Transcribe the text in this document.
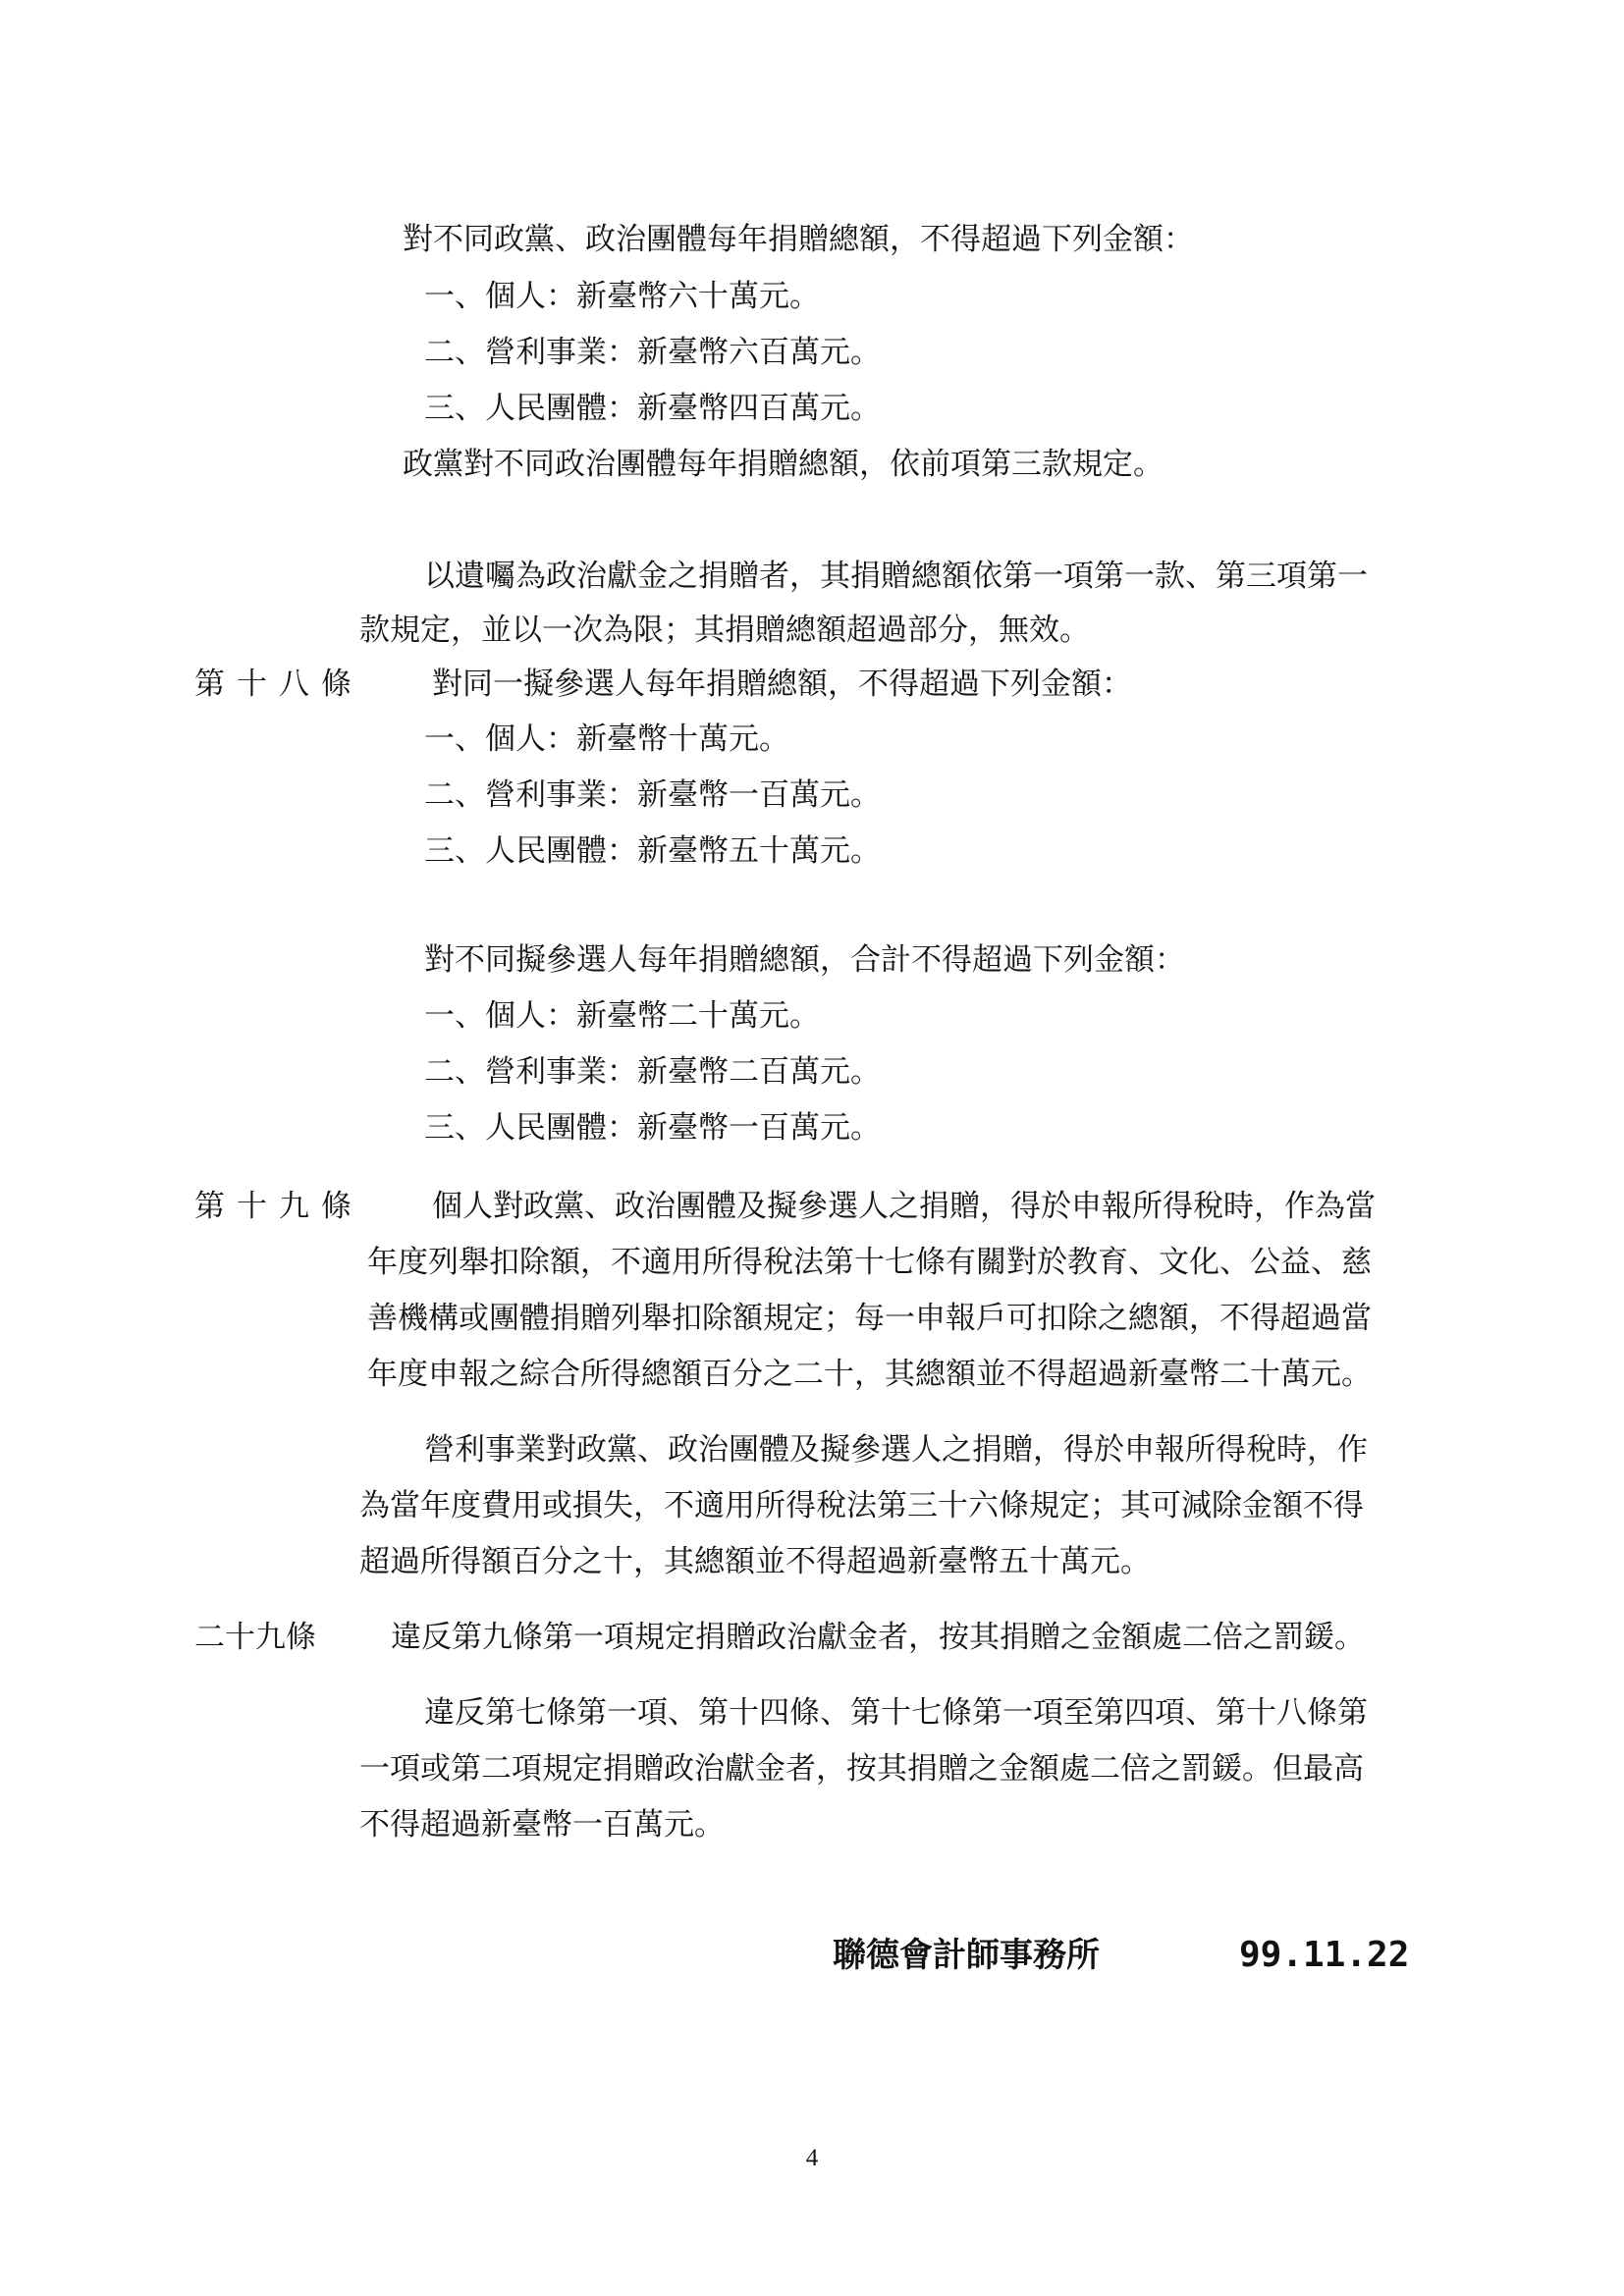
對不同政黨、政治團體每年捐贈總額，不得超過下列金額：
一、個人：新臺幣六十萬元。
二、營利事業：新臺幣六百萬元。
三、人民團體：新臺幣四百萬元。
政黨對不同政治團體每年捐贈總額，依前項第三款規定。
以遺囑為政治獻金之捐贈者，其捐贈總額依第一項第一款、第三項第一
款規定，並以一次為限；其捐贈總額超過部分，無效。
第十八條 對同一擬參選人每年捐贈總額，不得超過下列金額：
一、個人：新臺幣十萬元。
二、營利事業：新臺幣一百萬元。
三、人民團體：新臺幣五十萬元。
對不同擬參選人每年捐贈總額，合計不得超過下列金額：
一、個人：新臺幣二十萬元。
二、營利事業：新臺幣二百萬元。
三、人民團體：新臺幣一百萬元。
第十九條 個人對政黨、政治團體及擬參選人之捐贈，得於申報所得稅時，作為當
年度列舉扣除額，不適用所得稅法第十七條有關對於教育、文化、公益、慈
善機構或團體捐贈列舉扣除額規定；每一申報戶可扣除之總額，不得超過當
年度申報之綜合所得總額百分之二十，其總額並不得超過新臺幣二十萬元。
營利事業對政黨、政治團體及擬參選人之捐贈，得於申報所得稅時，作
為當年度費用或損失，不適用所得稅法第三十六條規定；其可減除金額不得
超過所得額百分之十，其總額並不得超過新臺幣五十萬元。
二十九條 違反第九條第一項規定捐贈政治獻金者，按其捐贈之金額處二倍之罰鍰。
違反第七條第一項、第十四條、第十七條第一項至第四項、第十八條第
一項或第二項規定捐贈政治獻金者，按其捐贈之金額處二倍之罰鍰。但最高
不得超過新臺幣一百萬元。
聯德會計師事務所	99.11.22
4
